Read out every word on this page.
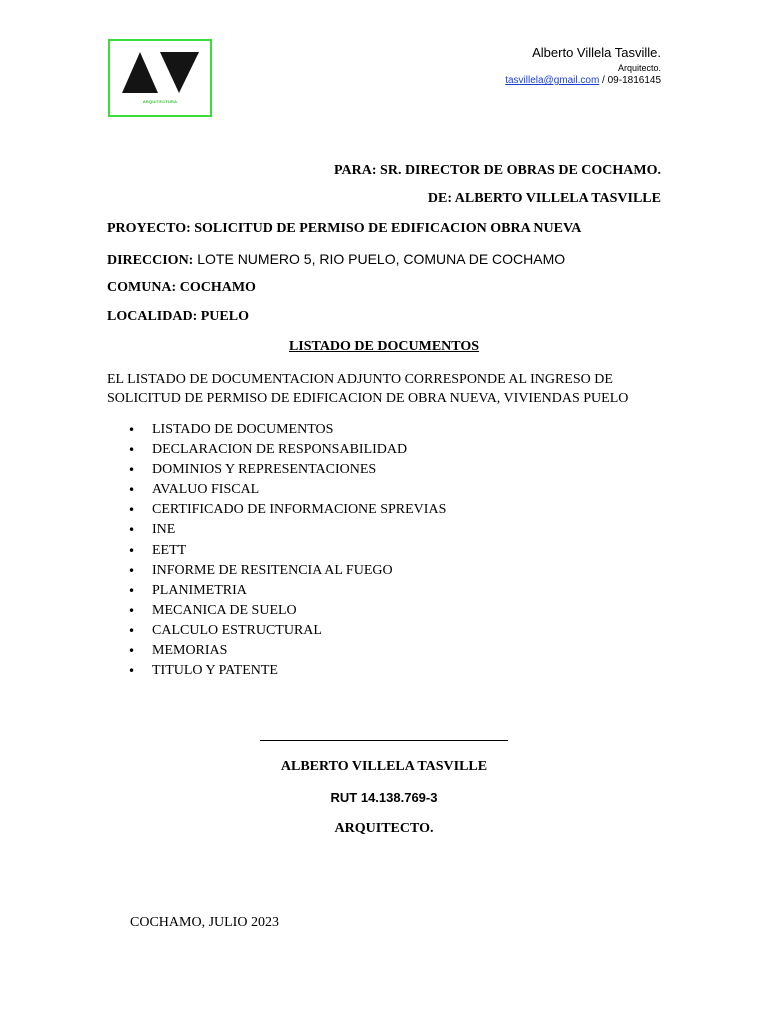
ARQUITECTURA
Alberto Villela Tasville.
Arquitecto.
tasvillela@gmail.com / 09-1816145
PARA: SR. DIRECTOR DE OBRAS DE COCHAMO.
DE: ALBERTO VILLELA TASVILLE
PROYECTO: SOLICITUD DE PERMISO DE EDIFICACION OBRA NUEVA
DIRECCION: LOTE NUMERO 5, RIO PUELO, COMUNA DE COCHAMO
COMUNA: COCHAMO
LOCALIDAD: PUELO
LISTADO DE DOCUMENTOS
EL LISTADO DE DOCUMENTACION ADJUNTO CORRESPONDE AL INGRESO DE SOLICITUD DE PERMISO DE EDIFICACION DE OBRA NUEVA, VIVIENDAS PUELO
• LISTADO DE DOCUMENTOS
• DECLARACION DE RESPONSABILIDAD
• DOMINIOS Y REPRESENTACIONES
• AVALUO FISCAL
• CERTIFICADO DE INFORMACIONE SPREVIAS
• INE
• EETT
• INFORME DE RESITENCIA AL FUEGO
• PLANIMETRIA
• MECANICA DE SUELO
• CALCULO ESTRUCTURAL
• MEMORIAS
• TITULO Y PATENTE
ALBERTO VILLELA TASVILLE
RUT 14.138.769-3
ARQUITECTO.
COCHAMO, JULIO 2023
